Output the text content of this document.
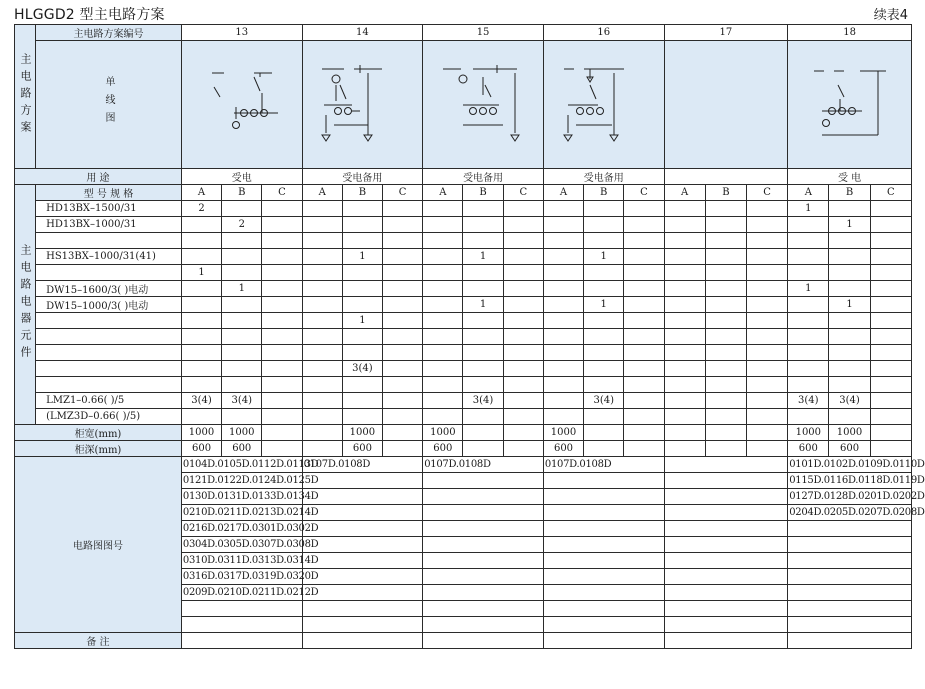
HLGGD2 型主电路方案	续表4
主电路方案	主电路方案编号	13			14			15			16			17			18		
	单线图	

用 途		受电			受电备用			受电备用			受电备用						受 电		
主电路电器元件	型 号 规 格	A	B	C	A	B	C	A	B	C	A	B	C	A	B	C	A	B	C
	HD13BX–1500/31	2															1		
	HD13BX–1000/31		2															1	

	HS13BX–1000/31(41)					1			1			1							
		1																	
	DW15–1600/3( )电动		1														1		
	DW15–1000/3( )电动								1			1						1	
						1													

						3(4)													

	LMZ1–0.66( )/5	3(4)	3(4)						3(4)			3(4)					3(4)	3(4)	
	(LMZ3D–0.66( )/5)																		
柜宽(mm)		1000	1000			1000		1000			1000						1000	1000	
柜深(mm)		600	600			600		600			600						600	600	
电路图图号		0104D.0105D.0112D.0113D			0107D.0108D			0107D.0108D			0107D.0108D						0101D.0102D.0109D.0110D		
		0121D.0122D.0124D.0125D															0115D.0116D.0118D.0119D		
		0130D.0131D.0133D.0134D															0127D.0128D.0201D.0202D		
		0210D.0211D.0213D.0214D															0204D.0205D.0207D.0208D		
		0216D.0217D.0301D.0302D																	
		0304D.0305D.0307D.0308D																	
		0310D.0311D.0313D.0314D																	
		0316D.0317D.0319D.0320D																	
		0209D.0210D.0211D.0212D																	

备 注																			
